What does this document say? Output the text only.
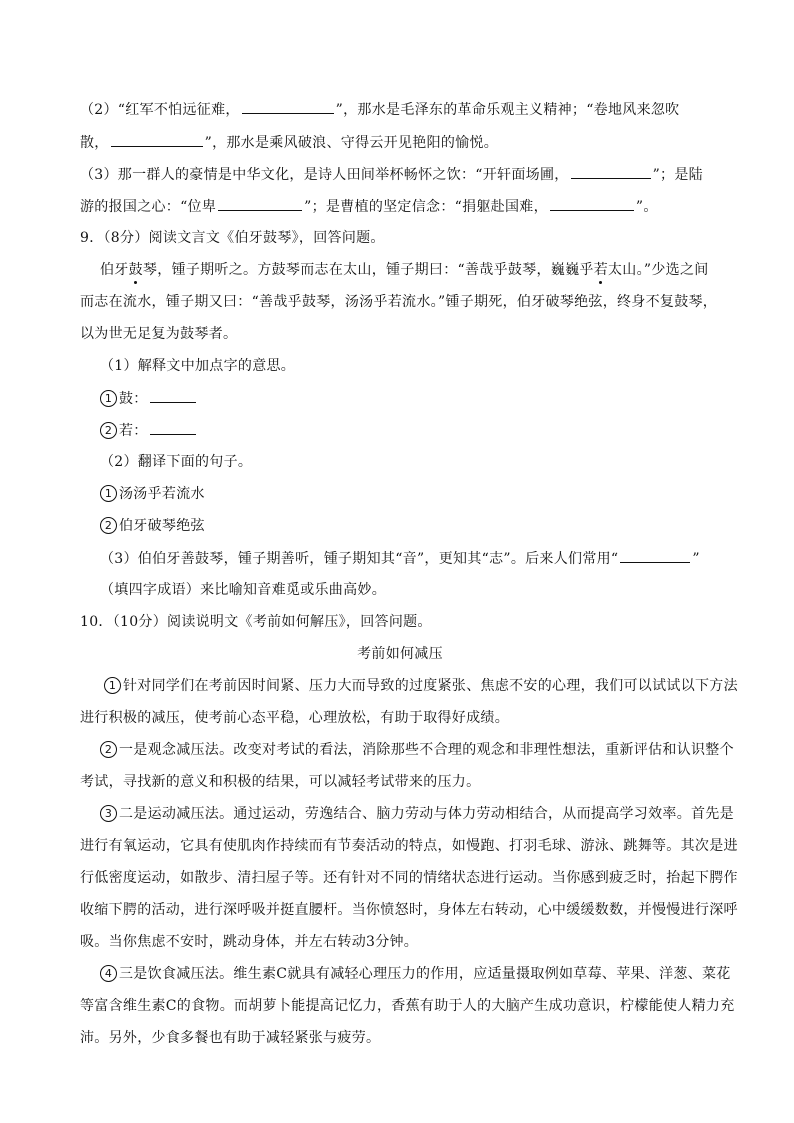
（2）“红军不怕远征难，	”，那水是毛泽东的革命乐观主义精神；“卷地风来忽吹
散，	”，那水是乘风破浪、守得云开见艳阳的愉悦。
（3）那一群人的豪情是中华文化，是诗人田间举杯畅怀之饮：“开轩面场圃，	”；是陆
游的报国之心：“位卑	”；是曹植的坚定信念：“捐躯赴国难，	”。
9．（8分）阅读文言文《伯牙鼓琴》，回答问题。
伯牙鼓琴，锺子期听之。方鼓琴而志在太山，锺子期曰：“善哉乎鼓琴，巍巍乎若太山。”少选之间
而志在流水，锺子期又曰：“善哉乎鼓琴，汤汤乎若流水。”锺子期死，伯牙破琴绝弦，终身不复鼓琴，
以为世无足复为鼓琴者。
（1）解释文中加点字的意思。
1 鼓：
2 若：
（2）翻译下面的句子。
1 汤汤乎若流水
2 伯牙破琴绝弦
（3）伯伯牙善鼓琴，锺子期善听，锺子期知其“音”，更知其“志”。后来人们常用“	”
（填四字成语）来比喻知音难觅或乐曲高妙。
10．（10分）阅读说明文《考前如何解压》，回答问题。
考前如何减压
1 针对同学们在考前因时间紧、压力大而导致的过度紧张、焦虑不安的心理，我们可以试试以下方法
进行积极的减压，使考前心态平稳，心理放松，有助于取得好成绩。
2 一是观念减压法。改变对考试的看法，消除那些不合理的观念和非理性想法，重新评估和认识整个
考试，寻找新的意义和积极的结果，可以减轻考试带来的压力。
3 二是运动减压法。通过运动，劳逸结合、脑力劳动与体力劳动相结合，从而提高学习效率。首先是
进行有氧运动，它具有使肌肉作持续而有节奏活动的特点，如慢跑、打羽毛球、游泳、跳舞等。其次是进
行低密度运动，如散步、清扫屋子等。还有针对不同的情绪状态进行运动。当你感到疲乏时，抬起下腭作
收缩下腭的活动，进行深呼吸并挺直腰杆。当你愤怒时，身体左右转动，心中缓缓数数，并慢慢进行深呼
吸。当你焦虑不安时，跳动身体，并左右转动3分钟。
4 三是饮食减压法。维生素C就具有减轻心理压力的作用，应适量摄取例如草莓、苹果、洋葱、菜花
等富含维生素C的食物。而胡萝卜能提高记忆力，香蕉有助于人的大脑产生成功意识，柠檬能使人精力充
沛。另外，少食多餐也有助于减轻紧张与疲劳。
